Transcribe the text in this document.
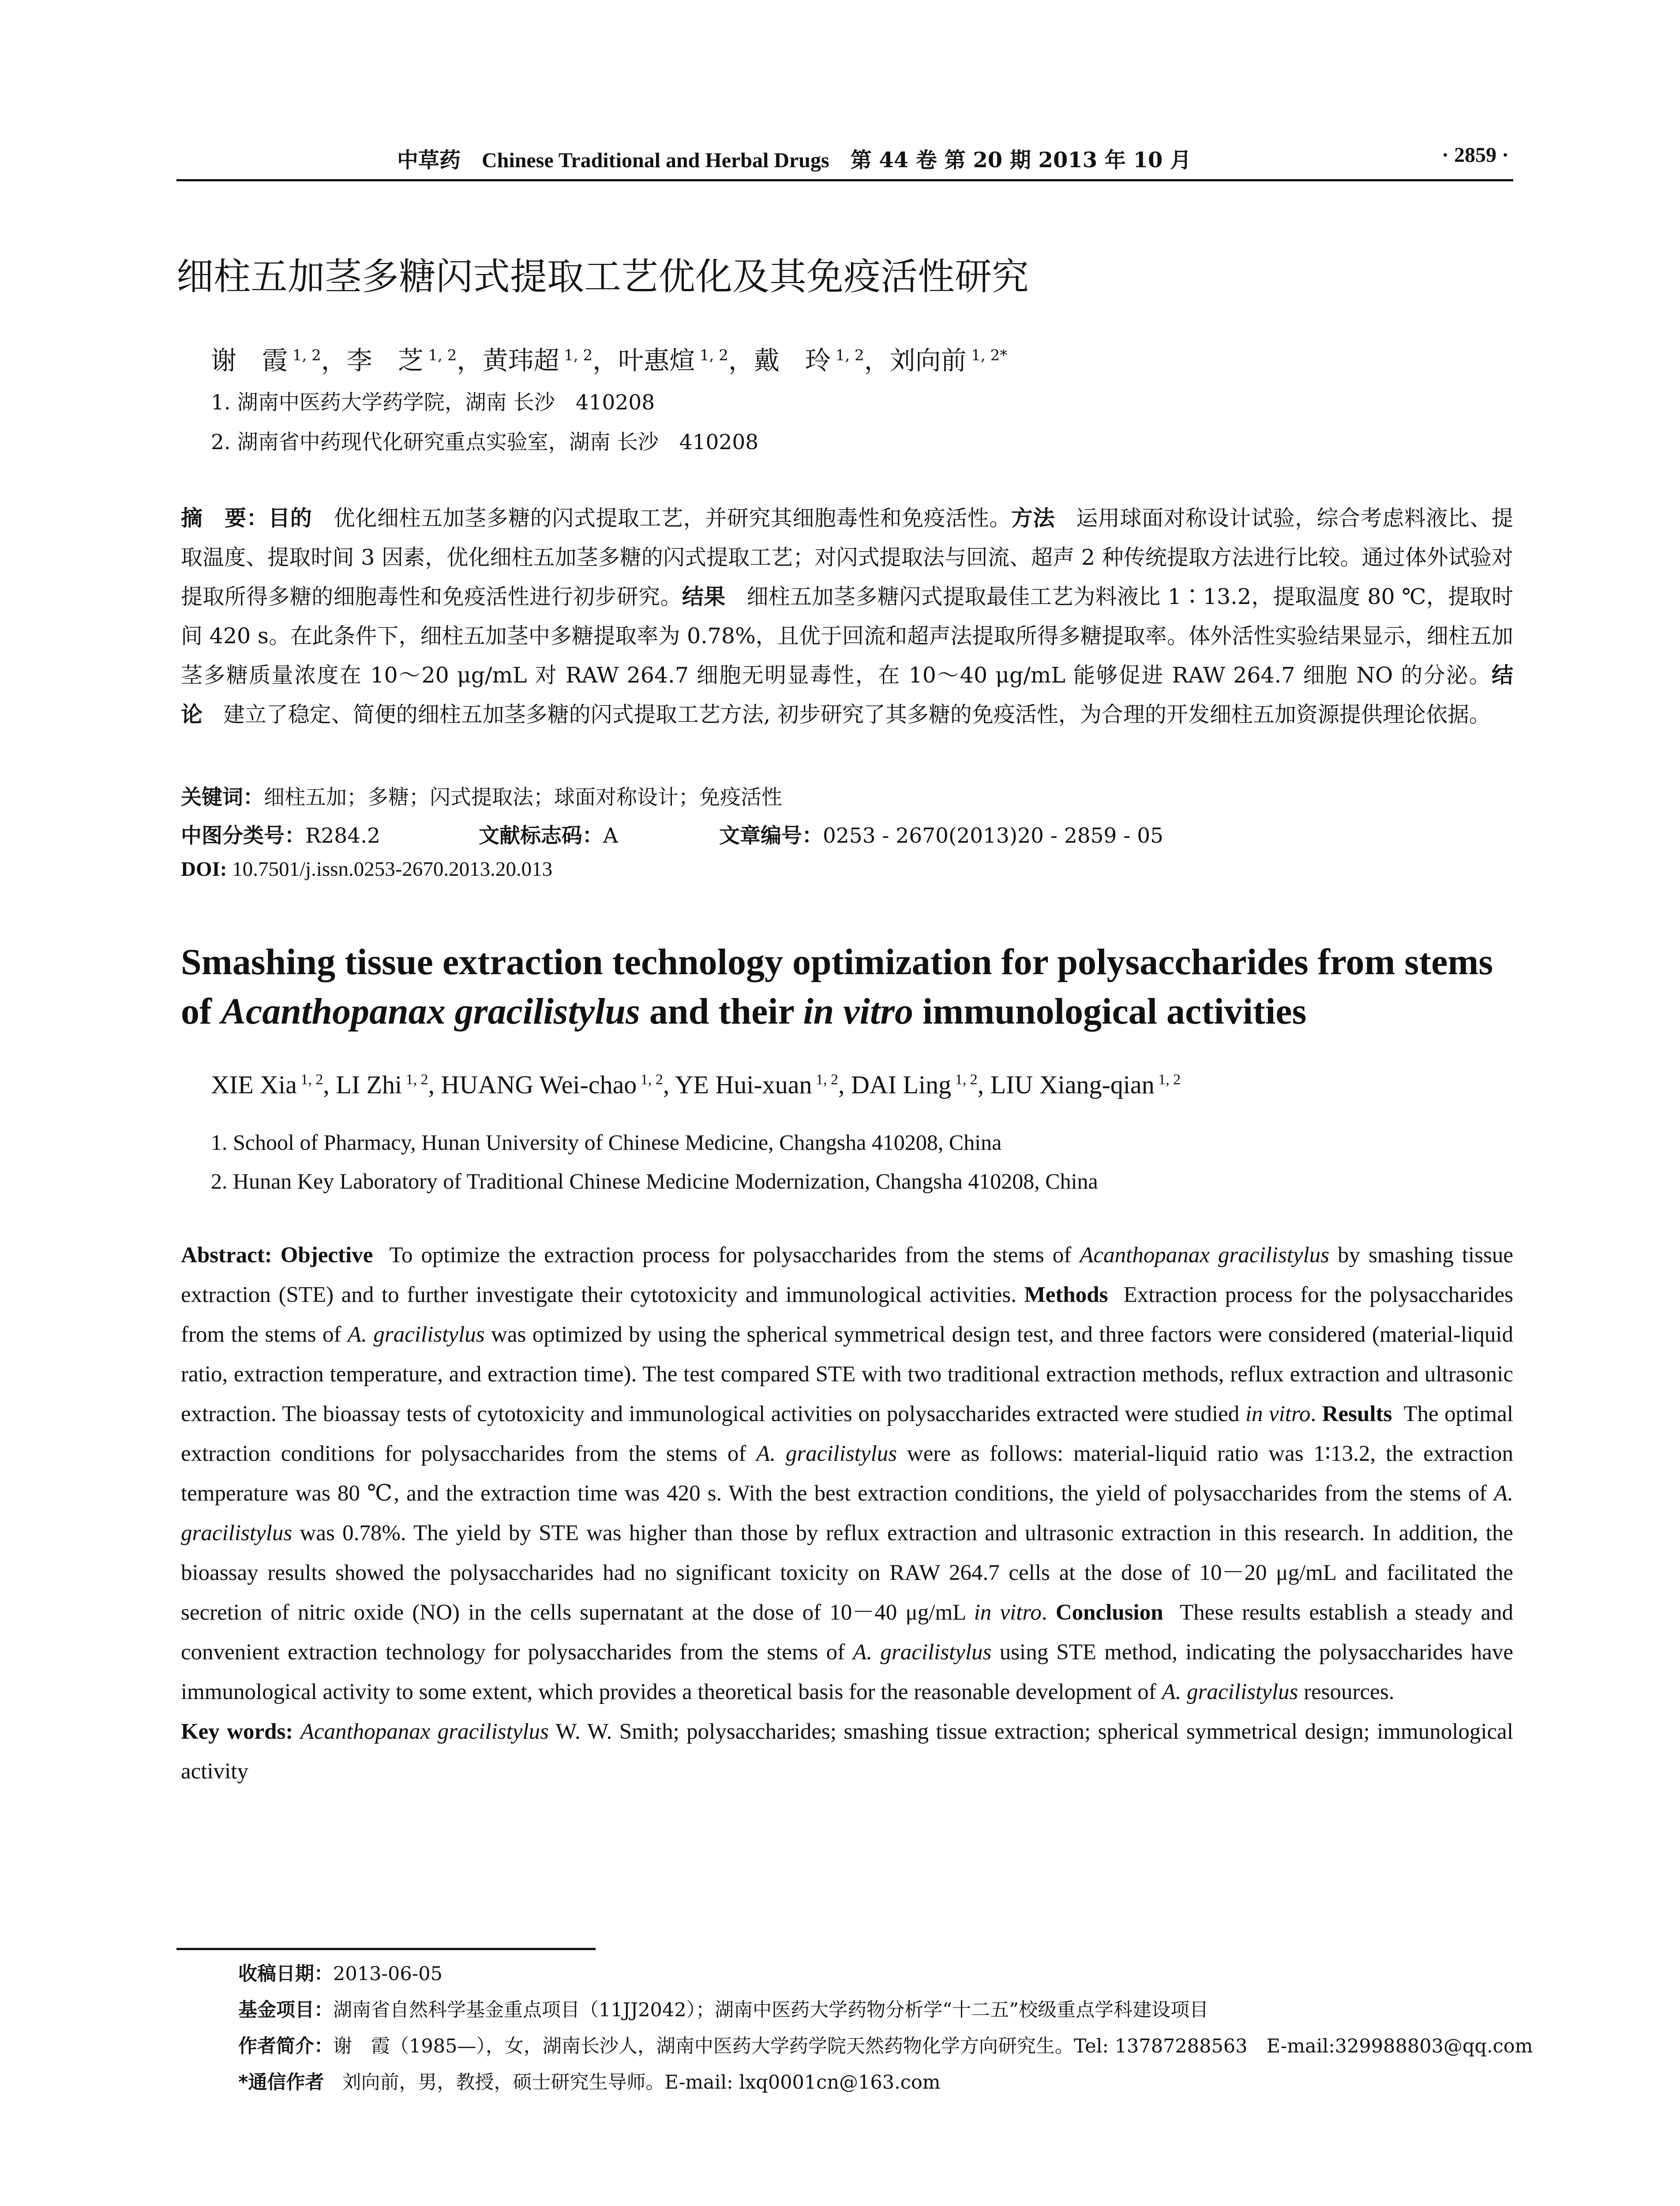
中草药 Chinese Traditional and Herbal Drugs 第 44 卷 第 20 期 2013 年 10 月	· 2859 ·
细柱五加茎多糖闪式提取工艺优化及其免疫活性研究
谢　霞 $^{1, 2}$，李　芝 $^{1, 2}$，黄玮超 $^{1, 2}$，叶惠煊 $^{1, 2}$，戴　玲 $^{1, 2}$，刘向前 $^{1, 2*}$
1. 湖南中医药大学药学院，湖南 长沙　410208
2. 湖南省中药现代化研究重点实验室，湖南 长沙　410208
摘　要：目的 优化细柱五加茎多糖的闪式提取工艺，并研究其细胞毒性和免疫活性。方法 运用球面对称设计试验，综合考虑料液比、提取温度、提取时间 3 因素，优化细柱五加茎多糖的闪式提取工艺；对闪式提取法与回流、超声 2 种传统提取方法进行比较。通过体外试验对提取所得多糖的细胞毒性和免疫活性进行初步研究。结果 细柱五加茎多糖闪式提取最佳工艺为料液比 1∶13.2，提取温度 80 ℃，提取时间 420 s。在此条件下，细柱五加茎中多糖提取率为 0.78%，且优于回流和超声法提取所得多糖提取率。体外活性实验结果显示，细柱五加茎多糖质量浓度在 10～20 μg/mL 对 RAW 264.7 细胞无明显毒性，在 10～40 μg/mL 能够促进 RAW 264.7 细胞 NO 的分泌。结论 建立了稳定、简便的细柱五加茎多糖的闪式提取工艺方法, 初步研究了其多糖的免疫活性，为合理的开发细柱五加资源提供理论依据。
关键词：细柱五加；多糖；闪式提取法；球面对称设计；免疫活性
中图分类号：R284.2	文献标志码：A	文章编号：0253 - 2670(2013)20 - 2859 - 05
DOI: 10.7501/j.issn.0253-2670.2013.20.013
Smashing tissue extraction technology optimization for polysaccharides from stems of Acanthopanax gracilistylus and their in vitro immunological activities
XIE Xia $^{1, 2}$, LI Zhi $^{1, 2}$, HUANG Wei-chao $^{1, 2}$, YE Hui-xuan $^{1, 2}$, DAI Ling $^{1, 2}$, LIU Xiang-qian $^{1, 2}$
1. School of Pharmacy, Hunan University of Chinese Medicine, Changsha 410208, China
2. Hunan Key Laboratory of Traditional Chinese Medicine Modernization, Changsha 410208, China
Abstract: Objective  To optimize the extraction process for polysaccharides from the stems of Acanthopanax gracilistylus by smashing tissue extraction (STE) and to further investigate their cytotoxicity and immunological activities. Methods  Extraction process for the polysaccharides from the stems of A. gracilistylus was optimized by using the spherical symmetrical design test, and three factors were considered (material-liquid ratio, extraction temperature, and extraction time). The test compared STE with two traditional extraction methods, reflux extraction and ultrasonic extraction. The bioassay tests of cytotoxicity and immunological activities on polysaccharides extracted were studied in vitro. Results  The optimal extraction conditions for polysaccharides from the stems of A. gracilistylus were as follows: material-liquid ratio was 1∶13.2, the extraction temperature was 80 ℃, and the extraction time was 420 s. With the best extraction conditions, the yield of polysaccharides from the stems of A. gracilistylus was 0.78%. The yield by STE was higher than those by reflux extraction and ultrasonic extraction in this research. In addition, the bioassay results showed the polysaccharides had no significant toxicity on RAW 264.7 cells at the dose of 10－20 μg/mL and facilitated the secretion of nitric oxide (NO) in the cells supernatant at the dose of 10－40 μg/mL in vitro. Conclusion  These results establish a steady and convenient extraction technology for polysaccharides from the stems of A. gracilistylus using STE method, indicating the polysaccharides have immunological activity to some extent, which provides a theoretical basis for the reasonable development of A. gracilistylus resources.
Key words: Acanthopanax gracilistylus W. W. Smith; polysaccharides; smashing tissue extraction; spherical symmetrical design; immunological activity
收稿日期：2013-06-05
基金项目：湖南省自然科学基金重点项目（11JJ2042）；湖南中医药大学药物分析学“十二五”校级重点学科建设项目
作者简介：谢　霞（1985—），女，湖南长沙人，湖南中医药大学药学院天然药物化学方向研究生。Tel: 13787288563　E-mail:329988803@qq.com
*通信作者 刘向前，男，教授，硕士研究生导师。E-mail: lxq0001cn@163.com
